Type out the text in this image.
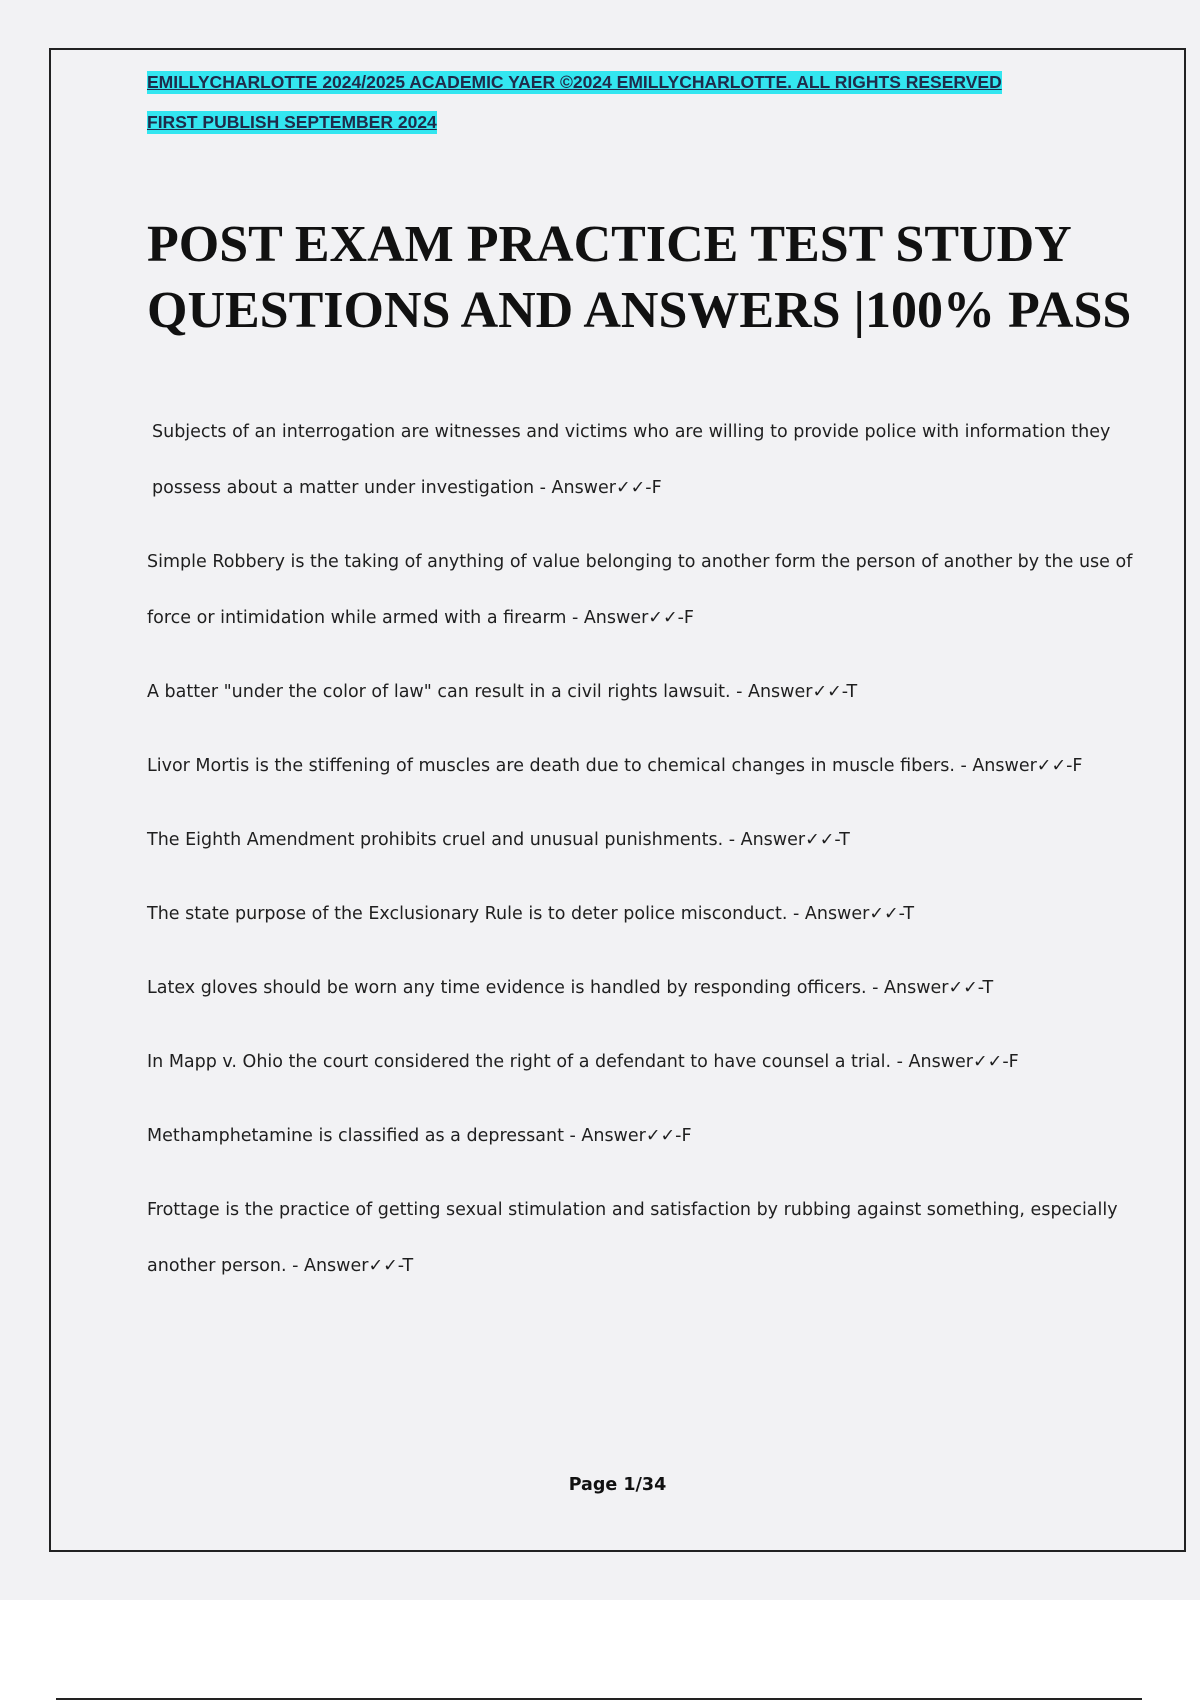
EMILLYCHARLOTTE 2024/2025 ACADEMIC YAER ©2024 EMILLYCHARLOTTE. ALL RIGHTS RESERVED

FIRST PUBLISH SEPTEMBER 2024

POST EXAM PRACTICE TEST STUDY QUESTIONS AND ANSWERS |100% PASS

Subjects of an interrogation are witnesses and victims who are willing to provide police with information they possess about a matter under investigation - Answer✓✓-F

Simple Robbery is the taking of anything of value belonging to another form the person of another by the use of force or intimidation while armed with a firearm - Answer✓✓-F

A batter "under the color of law" can result in a civil rights lawsuit. - Answer✓✓-T

Livor Mortis is the stiffening of muscles are death due to chemical changes in muscle fibers. - Answer✓✓-F

The Eighth Amendment prohibits cruel and unusual punishments. - Answer✓✓-T

The state purpose of the Exclusionary Rule is to deter police misconduct. - Answer✓✓-T

Latex gloves should be worn any time evidence is handled by responding officers. - Answer✓✓-T

In Mapp v. Ohio the court considered the right of a defendant to have counsel a trial. - Answer✓✓-F

Methamphetamine is classified as a depressant - Answer✓✓-F

Frottage is the practice of getting sexual stimulation and satisfaction by rubbing against something, especially another person. - Answer✓✓-T

Page 1/34
